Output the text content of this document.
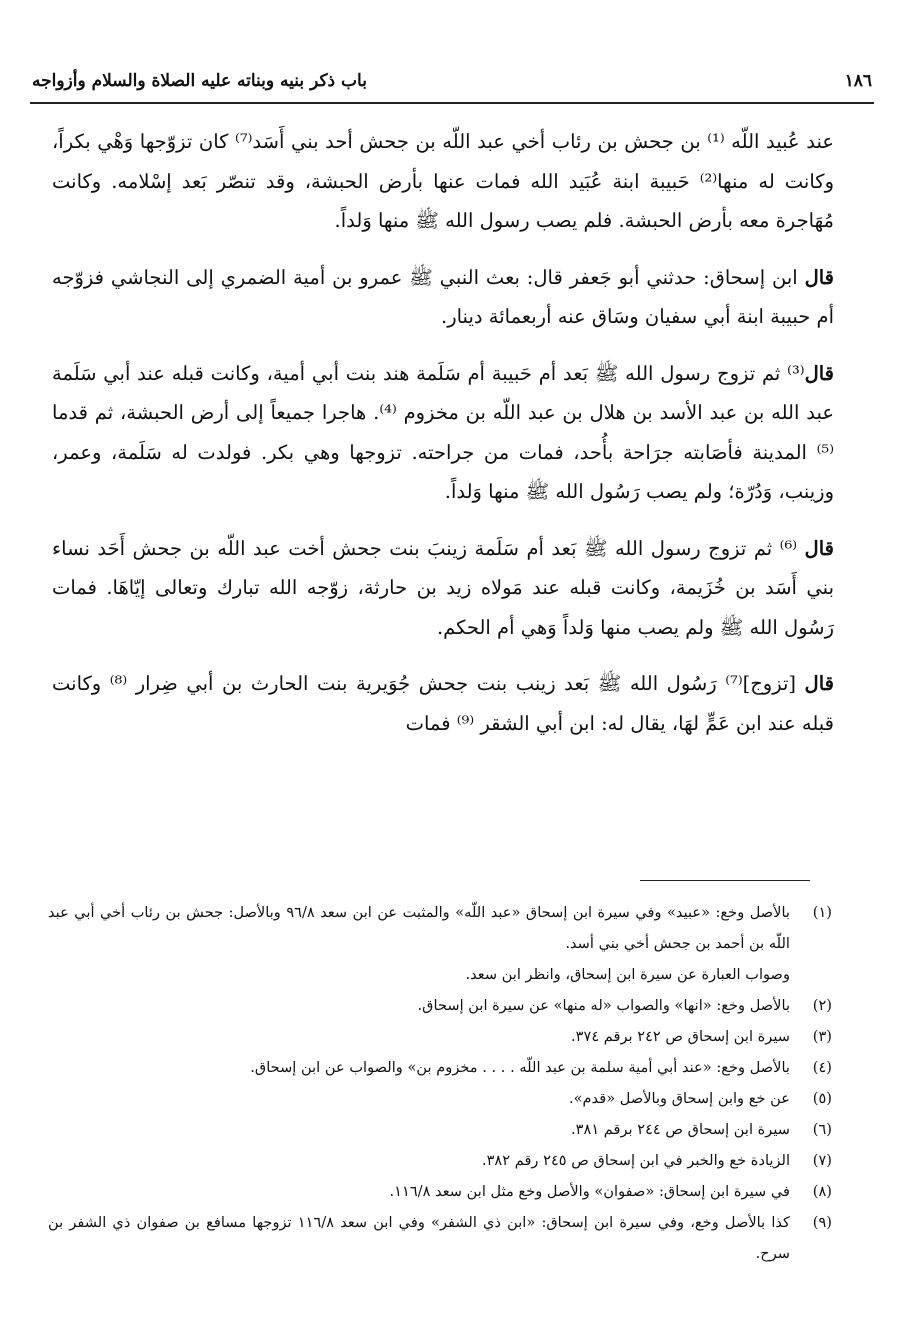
١٨٦
باب ذكر بنيه وبناته عليه الصلاة والسلام وأزواجه

عند عُبيد اللّه ⁽¹⁾ بن جحش بن رئاب أخي عبد اللّه بن جحش أحد بني أَسَد⁽⁷⁾ كان تزوّجها وَهْي بكراً، وكانت له منها⁽²⁾ حَبيبة ابنة عُبَيد الله فمات عنها بأرض الحبشة، وقد تنصّر بَعد إسْلامه. وكانت مُهَاجرة معه بأرض الحبشة. فلم يصب رسول الله ﷺ منها وَلداً.

قال ابن إسحاق: حدثني أبو جَعفر قال: بعث النبي ﷺ عمرو بن أمية الضمري إلى النجاشي فزوّجه أم حبيبة ابنة أبي سفيان وسَاق عنه أربعمائة دينار.

قال⁽³⁾ ثم تزوج رسول الله ﷺ بَعد أم حَبيبة أم سَلَمة هند بنت أبي أمية، وكانت قبله عند أبي سَلَمة عبد الله بن عبد الأسد بن هلال بن عبد اللّه بن مخزوم ⁽⁴⁾. هاجرا جميعاً إلى أرض الحبشة، ثم قدما ⁽⁵⁾ المدينة فأصَابته جرَاحة بأُحد، فمات من جراحته. تزوجها وهي بكر. فولدت له سَلَمة، وعمر، وزينب، وَدُرّة؛ ولم يصب رَسُول الله ﷺ منها وَلداً.

قال ⁽⁶⁾ ثم تزوج رسول الله ﷺ بَعد أم سَلَمة زينبَ بنت جحش أخت عبد اللّه بن جحش أَحَد نساء بني أَسَد بن خُزَيمة، وكانت قبله عند مَولاه زيد بن حارثة، زوّجه الله تبارك وتعالى إيّاهَا. فمات رَسُول الله ﷺ ولم يصب منها وَلداً وَهي أم الحكم.

قال [تزوج]⁽⁷⁾ رَسُول الله ﷺ بَعد زينب بنت جحش جُوَيرية بنت الحارث بن أبي ضِرار ⁽⁸⁾ وكانت قبله عند ابن عَمٍّ لهَا، يقال له: ابن أبي الشقر ⁽⁹⁾ فمات

(١)
بالأصل وخع: «عبيد» وفي سيرة ابن إسحاق «عبد اللّه» والمثبت عن ابن سعد ٩٦/٨ وبالأصل: جحش بن رئاب أخي أبي عبد اللّه بن أحمد بن جحش أخي بني أسد.
وصواب العبارة عن سيرة ابن إسحاق، وانظر ابن سعد.
(٢)
بالأصل وخع: «انها» والصواب «له منها» عن سيرة ابن إسحاق.
(٣)
سيرة ابن إسحاق ص ٢٤٢ برقم ٣٧٤.
(٤)
بالأصل وخع: «عند أبي أمية سلمة بن عبد اللّه . . . . مخزوم بن» والصواب عن ابن إسحاق.
(٥)
عن خع وابن إسحاق وبالأصل «قدم».
(٦)
سيرة ابن إسحاق ص ٢٤٤ برقم ٣٨١.
(٧)
الزيادة خع والخبر في ابن إسحاق ص ٢٤٥ رقم ٣٨٢.
(٨)
في سيرة ابن إسحاق: «صفوان» والأصل وخع مثل ابن سعد ١١٦/٨.
(٩)
كذا بالأصل وخع، وفي سيرة ابن إسحاق: «ابن ذي الشفر» وفي ابن سعد ١١٦/٨ تزوجها مسافع بن صفوان ذي الشفر بن سرح.
